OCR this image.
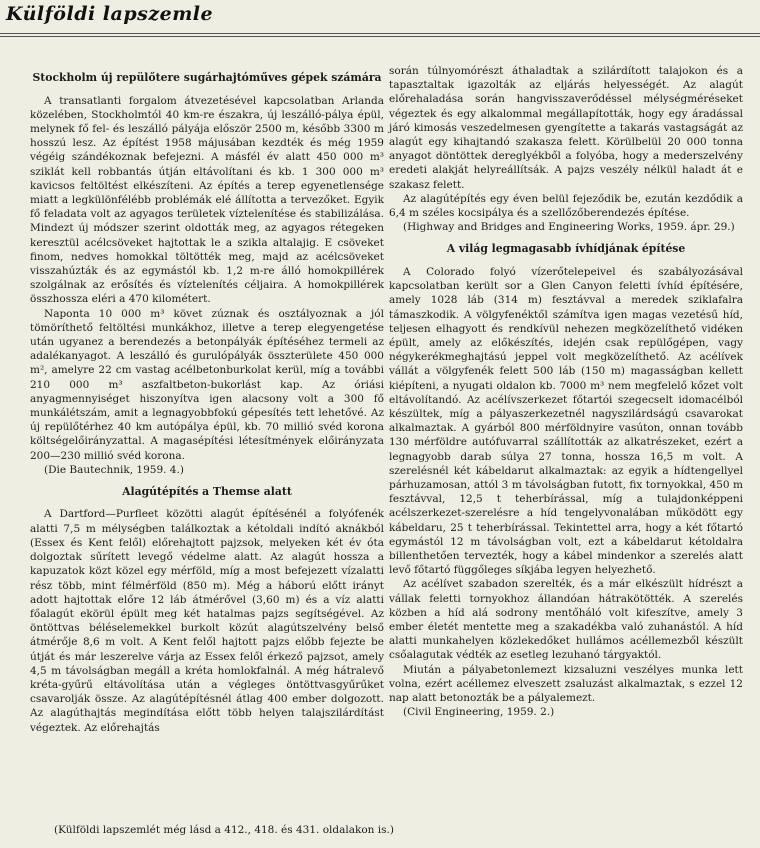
Külföldi lapszemle
Stockholm új repülőtere sugárhajtóműves gépek számára

A transatlanti forgalom átvezetésével kapcsolatban Arlanda közelében, Stockholmtól 40 km-re északra, új leszálló-pálya épül, melynek fő fel- és leszálló pályája először 2500 m, később 3300 m hosszú lesz. Az építést 1958 májusában kezdték és még 1959 végéig szándékoznak befejezni. A másfél év alatt 450 000 m³ sziklát kell robbantás útján eltávolítani és kb. 1 300 000 m³ kavicsos feltöltést elkészíteni. Az építés a terep egyenetlensége miatt a legkülönfélébb problémák elé állította a tervezőket. Egyik fő feladata volt az agyagos területek víztelenítése és stabilizálása. Mindezt új módszer szerint oldották meg, az agyagos rétegeken keresztül acélcsöveket hajtottak le a szikla altalajig. E csöveket finom, nedves homokkal töltötték meg, majd az acélcsöveket visszahúzták és az egymástól kb. 1,2 m-re álló homokpillérek szolgálnak az erősítés és víztelenítés céljaira. A homokpillérek összhossza eléri a 470 kilométert.

Naponta 10 000 m³ követ zúznak és osztályoznak a jól tömöríthető feltöltési munkákhoz, illetve a terep elegyengetése után ugyanez a berendezés a betonpályák építéséhez termeli az adalékanyagot. A leszálló és gurulópályák összterülete 450 000 m², amelyre 22 cm vastag acélbetonburkolat kerül, míg a további 210 000 m³ aszfaltbeton-bukorlást kap. Az óriási anyagmennyiséget hiszonyítva igen alacsony volt a 300 fő munkálétszám, amit a legnagyobbfokú gépesítés tett lehetővé. Az új repülőtérhez 40 km autópálya épül, kb. 70 millió svéd korona költségelőirányzattal. A magasépítési létesítmények előirányzata 200—230 millió svéd korona.

(Die Bautechnik, 1959. 4.)

Alagútépítés a Themse alatt

A Dartford—Purfleet közötti alagút építésénél a folyófenék alatti 7,5 m mélységben találkoztak a kétoldali indító aknákból (Essex és Kent felől) előrehajtott pajzsok, melyeken két év óta dolgoztak sűrített levegő védelme alatt. Az alagút hossza a kapuzatok közt közel egy mérföld, míg a most befejezett vízalatti rész több, mint félmérföld (850 m). Még a háború előtt irányt adott hajtottak előre 12 láb átmérővel (3,60 m) és a víz alatti főalagút ekörül épült meg két hatalmas pajzs segítségével. Az öntöttvas béléselemekkel burkolt közút alagútszelvény belső átmérője 8,6 m volt. A Kent felől hajtott pajzs előbb fejezte be útját és már leszerelve várja az Essex felől érkező pajzsot, amely 4,5 m távolságban megáll a kréta homlokfalnál. A még hátralevő kréta-gyűrű eltávolítása után a végleges öntöttvasgyűrűket csavarolják össze. Az alagútépítésnél átlag 400 ember dolgozott. Az alagúthajtás megindítása előtt több helyen talajszilárdítást végeztek. Az előrehajtás

során túlnyomórészt áthaladtak a szilárdított talajokon és a tapasztaltak igazolták az eljárás helyességét. Az alagút előrehaladása során hangvisszaverődéssel mélységméréseket végeztek és egy alkalommal megállapították, hogy egy áradással járó kimosás veszedelmesen gyengítette a takarás vastagságát az alagút egy kihajtandó szakasza felett. Körülbelül 20 000 tonna anyagot döntöttek dereglyékből a folyóba, hogy a mederszelvény eredeti alakját helyreállítsák. A pajzs veszély nélkül haladt át e szakasz felett.

Az alagútépítés egy éven belül fejeződik be, ezután kezdődik a 6,4 m széles kocsipálya és a szellőzőberendezés építése.

(Highway and Bridges and Engineering Works, 1959. ápr. 29.)

A világ legmagasabb ívhídjának építése

A Colorado folyó vízerőtelepeivel és szabályozásával kapcsolatban került sor a Glen Canyon feletti ívhíd építésére, amely 1028 láb (314 m) fesztávval a meredek sziklafalra támaszkodik. A völgyfenéktől számítva igen magas vezetésű híd, teljesen elhagyott és rendkívül nehezen megközelíthető vidéken épült, amely az előkészítés, idején csak repülőgépen, vagy négykerékmeghajtású jeppel volt megközelíthető. Az acélívek vállát a völgyfenék felett 500 láb (150 m) magasságban kellett kiépíteni, a nyugati oldalon kb. 7000 m³ nem megfelelő kőzet volt eltávolítandó. Az acélívszerkezet főtartói szegecselt idomacélból készültek, míg a pályaszerkezetnél nagyszilárdságú csavarokat alkalmaztak. A gyárból 800 mérföldnyire vasúton, onnan tovább 130 mérföldre autófuvarral szállították az alkatrészeket, ezért a legnagyobb darab súlya 27 tonna, hossza 16,5 m volt. A szerelésnél két kábeldarut alkalmaztak: az egyik a hídtengellyel párhuzamosan, attól 3 m távolságban futott, fix tornyokkal, 450 m fesztávval, 12,5 t teherbírással, míg a tulajdonképpeni acélszerkezet-szerelésre a híd tengelyvonalában működött egy kábeldaru, 25 t teherbírással. Tekintettel arra, hogy a két főtartó egymástól 12 m távolságban volt, ezt a kábeldarut kétoldalra billenthetően tervezték, hogy a kábel mindenkor a szerelés alatt levő főtartó függőleges síkjába legyen helyezhető.

Az acélívet szabadon szerelték, és a már elkészült hídrészt a vállak feletti tornyokhoz állandóan hátrakötötték. A szerelés közben a híd alá sodrony mentőháló volt kifeszítve, amely 3 ember életét mentette meg a szakadékba való zuhanástól. A híd alatti munkahelyen közlekedőket hullámos acéllemezből készült csőalagutak védték az esetleg lezuhanó tárgyaktól.

Miután a pályabetonlemezt kizsaluzni veszélyes munka lett volna, ezért acéllemez elveszett zsaluzást alkalmaztak, s ezzel 12 nap alatt betonozták be a pályalemezt.

(Civil Engineering, 1959. 2.)

(Külföldi lapszemlét még lásd a 412., 418. és 431. oldalakon is.)
